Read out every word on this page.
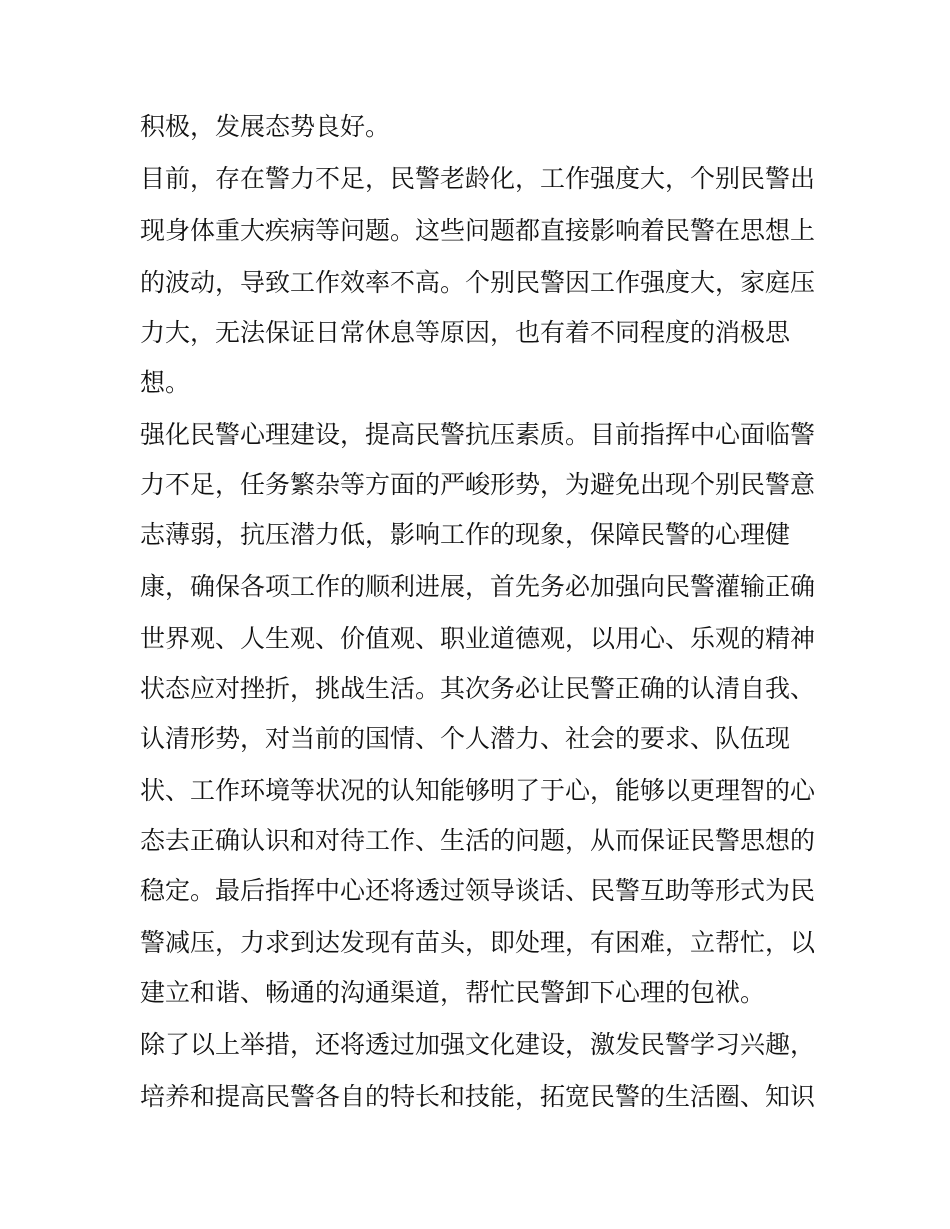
积极，发展态势良好。
目前，存在警力不足，民警老龄化，工作强度大，个别民警出
现身体重大疾病等问题。这些问题都直接影响着民警在思想上
的波动，导致工作效率不高。个别民警因工作强度大，家庭压
力大，无法保证日常休息等原因，也有着不同程度的消极思
想。
强化民警心理建设，提高民警抗压素质。目前指挥中心面临警
力不足，任务繁杂等方面的严峻形势，为避免出现个别民警意
志薄弱，抗压潜力低，影响工作的现象，保障民警的心理健
康，确保各项工作的顺利进展，首先务必加强向民警灌输正确
世界观、人生观、价值观、职业道德观，以用心、乐观的精神
状态应对挫折，挑战生活。其次务必让民警正确的认清自我、
认清形势，对当前的国情、个人潜力、社会的要求、队伍现
状、工作环境等状况的认知能够明了于心，能够以更理智的心
态去正确认识和对待工作、生活的问题，从而保证民警思想的
稳定。最后指挥中心还将透过领导谈话、民警互助等形式为民
警减压，力求到达发现有苗头，即处理，有困难，立帮忙，以
建立和谐、畅通的沟通渠道，帮忙民警卸下心理的包袱。
除了以上举措，还将透过加强文化建设，激发民警学习兴趣，
培养和提高民警各自的特长和技能，拓宽民警的生活圈、知识
